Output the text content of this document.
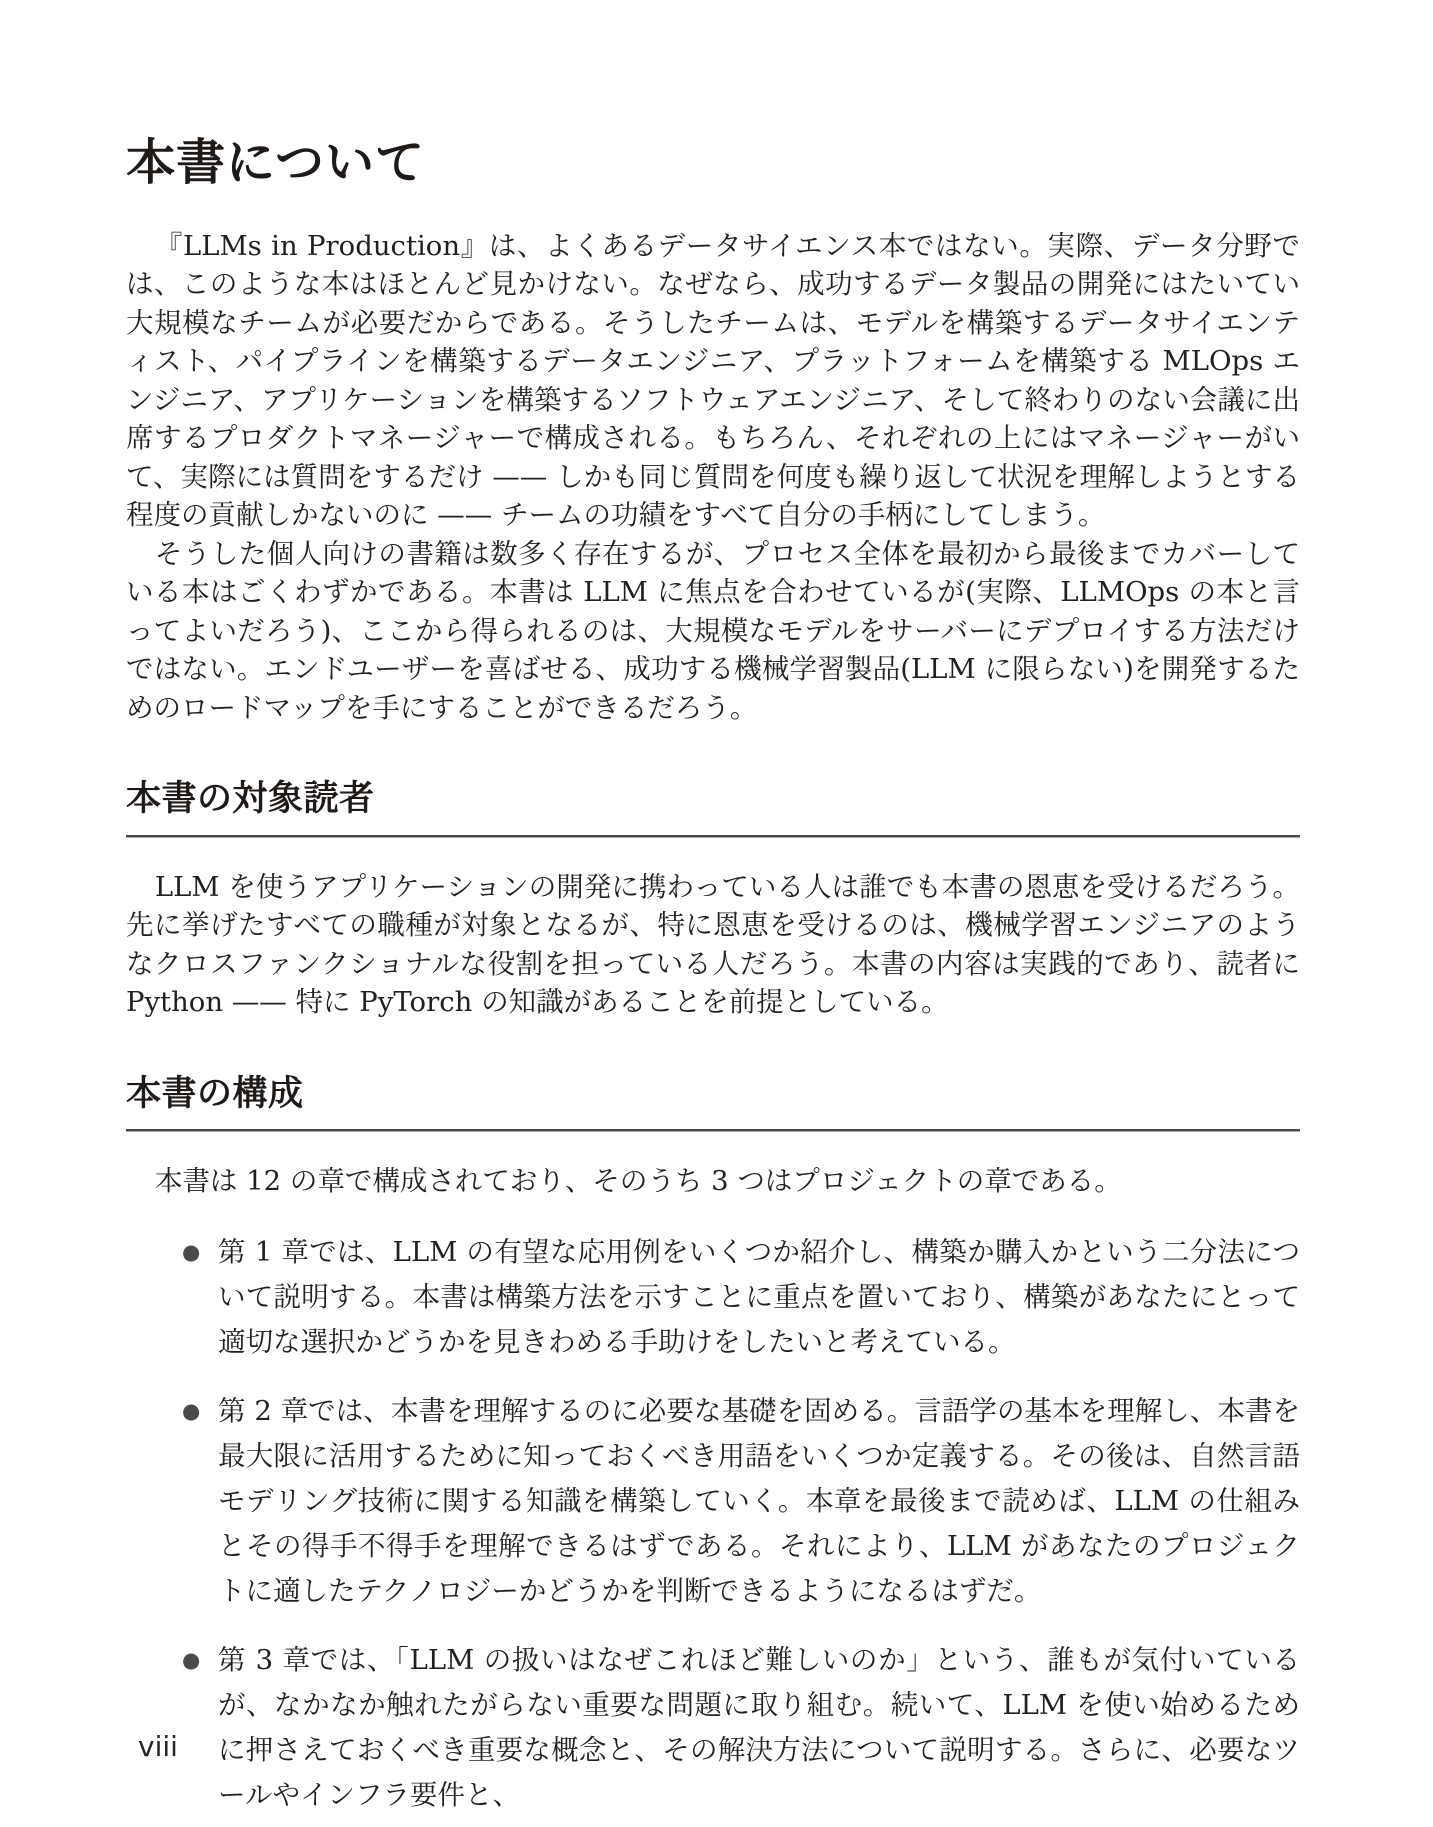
本書について

『LLMs in Production』は、よくあるデータサイエンス本ではない。実際、データ分野では、このような本はほとんど見かけない。なぜなら、成功するデータ製品の開発にはたいてい大規模なチームが必要だからである。そうしたチームは、モデルを構築するデータサイエンティスト、パイプラインを構築するデータエンジニア、プラットフォームを構築する MLOps エンジニア、アプリケーションを構築するソフトウェアエンジニア、そして終わりのない会議に出席するプロダクトマネージャーで構成される。もちろん、それぞれの上にはマネージャーがいて、実際には質問をするだけ —— しかも同じ質問を何度も繰り返して状況を理解しようとする程度の貢献しかないのに —— チームの功績をすべて自分の手柄にしてしまう。

そうした個人向けの書籍は数多く存在するが、プロセス全体を最初から最後までカバーしている本はごくわずかである。本書は LLM に焦点を合わせているが(実際、LLMOps の本と言ってよいだろう)、ここから得られるのは、大規模なモデルをサーバーにデプロイする方法だけではない。エンドユーザーを喜ばせる、成功する機械学習製品(LLM に限らない)を開発するためのロードマップを手にすることができるだろう。

本書の対象読者

LLM を使うアプリケーションの開発に携わっている人は誰でも本書の恩恵を受けるだろう。先に挙げたすべての職種が対象となるが、特に恩恵を受けるのは、機械学習エンジニアのようなクロスファンクショナルな役割を担っている人だろう。本書の内容は実践的であり、読者に Python —— 特に PyTorch の知識があることを前提としている。

本書の構成

本書は 12 の章で構成されており、そのうち 3 つはプロジェクトの章である。

● 第 1 章では、LLM の有望な応用例をいくつか紹介し、構築か購入かという二分法について説明する。本書は構築方法を示すことに重点を置いており、構築があなたにとって適切な選択かどうかを見きわめる手助けをしたいと考えている。
● 第 2 章では、本書を理解するのに必要な基礎を固める。言語学の基本を理解し、本書を最大限に活用するために知っておくべき用語をいくつか定義する。その後は、自然言語モデリング技術に関する知識を構築していく。本章を最後まで読めば、LLM の仕組みとその得手不得手を理解できるはずである。それにより、LLM があなたのプロジェクトに適したテクノロジーかどうかを判断できるようになるはずだ。
● 第 3 章では、「LLM の扱いはなぜこれほど難しいのか」という、誰もが気付いているが、なかなか触れたがらない重要な問題に取り組む。続いて、LLM を使い始めるために押さえておくべき重要な概念と、その解決方法について説明する。さらに、必要なツールやインフラ要件と、
viii
